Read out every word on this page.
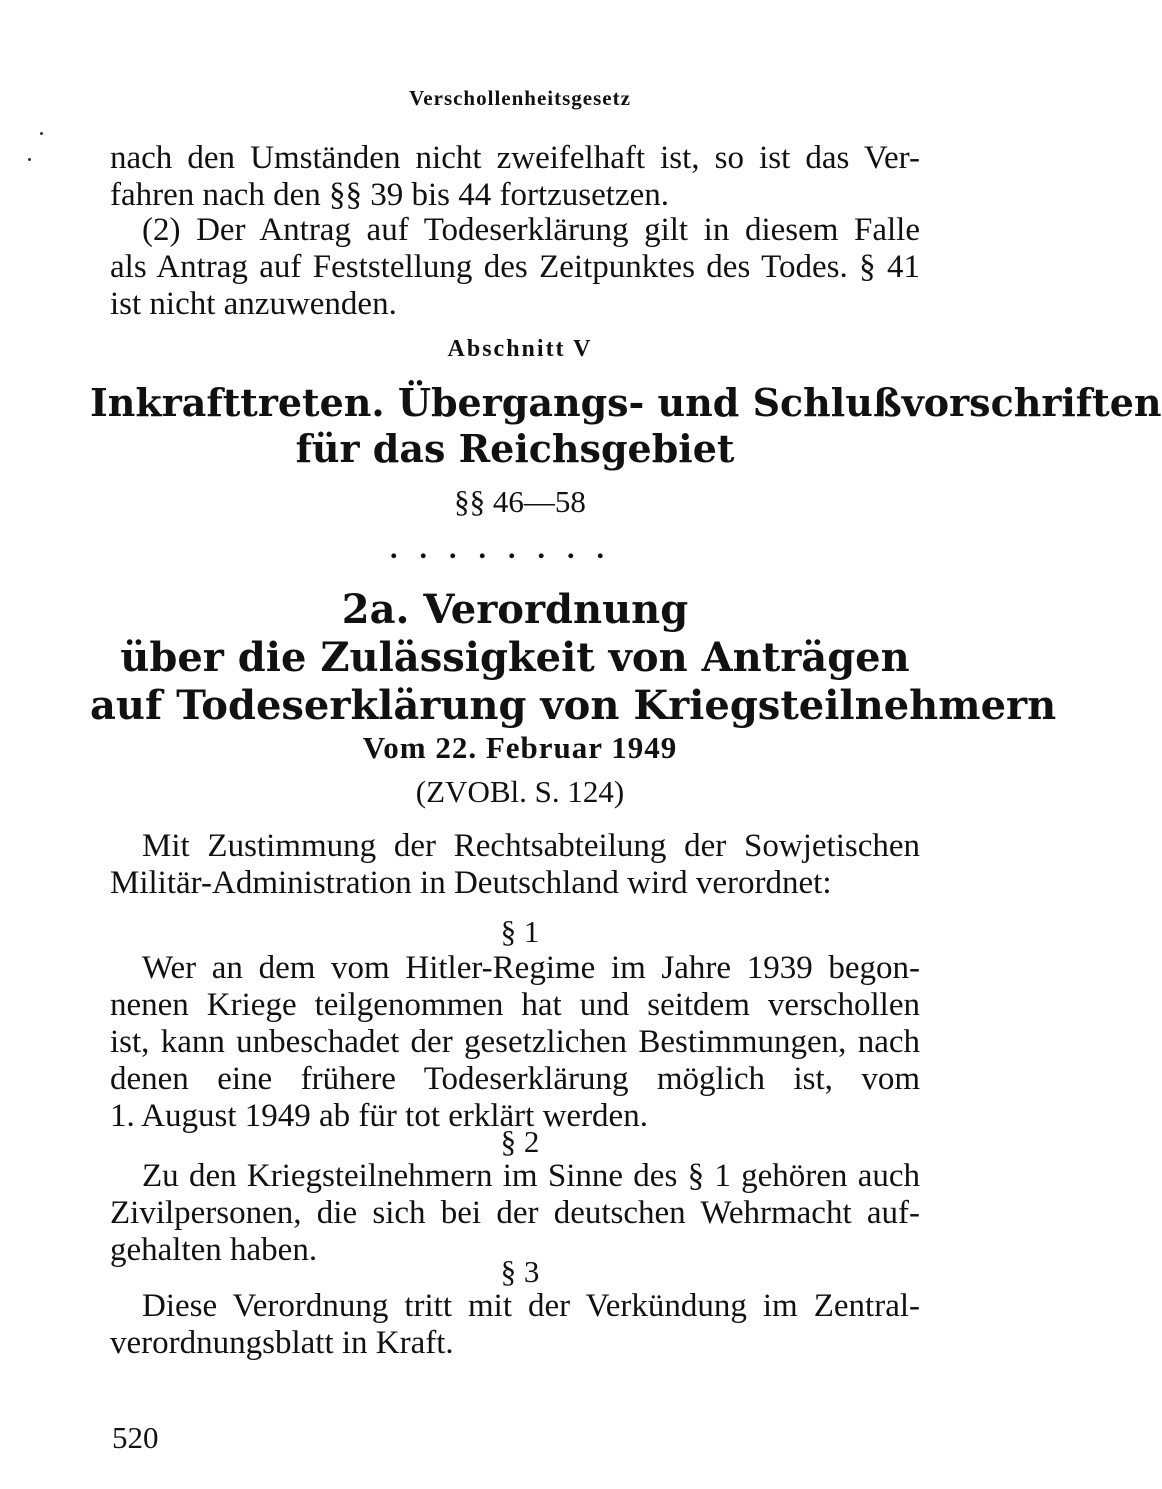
Verschollenheitsgesetz
nach den Umständen nicht zweifelhaft ist, so ist das Ver-
fahren nach den §§ 39 bis 44 fortzusetzen.
(2) Der Antrag auf Todeserklärung gilt in diesem Falle
als Antrag auf Feststellung des Zeitpunktes des Todes. § 41
ist nicht anzuwenden.
Abschnitt V
Inkrafttreten. Übergangs- und Schlußvorschriften
für das Reichsgebiet
§§ 46—58
........
2a. Verordnung
über die Zulässigkeit von Anträgen
auf Todeserklärung von Kriegsteilnehmern
Vom 22. Februar 1949
(ZVOBl. S. 124)
Mit Zustimmung der Rechtsabteilung der Sowjetischen
Militär-Administration in Deutschland wird verordnet:
§ 1
Wer an dem vom Hitler-Regime im Jahre 1939 begon-
nenen Kriege teilgenommen hat und seitdem verschollen
ist, kann unbeschadet der gesetzlichen Bestimmungen, nach
denen eine frühere Todeserklärung möglich ist, vom
1. August 1949 ab für tot erklärt werden.
§ 2
Zu den Kriegsteilnehmern im Sinne des § 1 gehören auch
Zivilpersonen, die sich bei der deutschen Wehrmacht auf-
gehalten haben.
§ 3
Diese Verordnung tritt mit der Verkündung im Zentral-
verordnungsblatt in Kraft.
520
